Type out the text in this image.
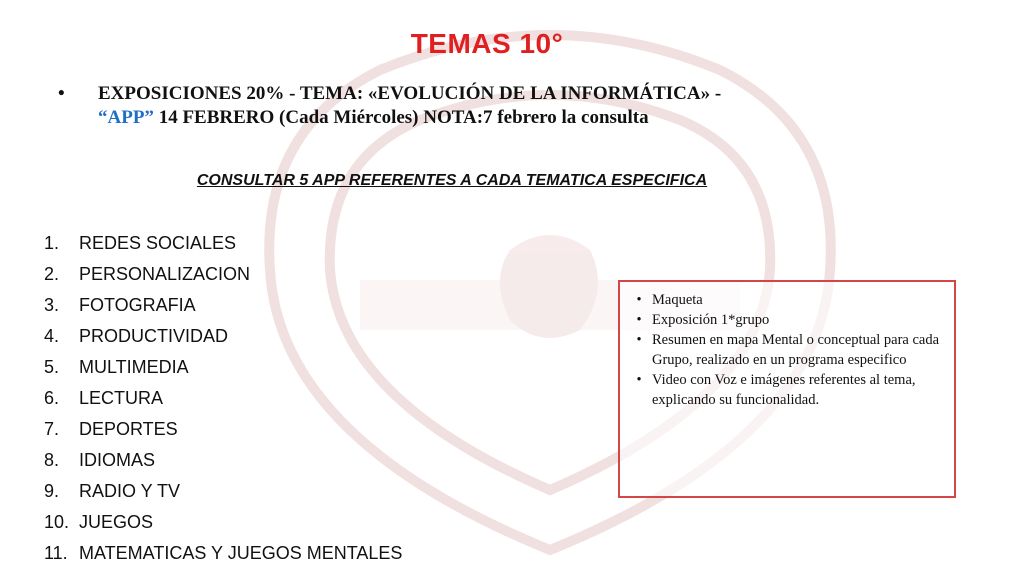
TEMAS 10°
• EXPOSICIONES 20% - TEMA: «EVOLUCIÓN DE LA INFORMÁTICA» -
“APP” 14 FEBRERO (Cada Miércoles) NOTA:7 febrero la consulta
CONSULTAR 5 APP REFERENTES A CADA TEMATICA ESPECIFICA
1.	REDES SOCIALES
2.	PERSONALIZACION
3.	FOTOGRAFIA
4.	PRODUCTIVIDAD
5.	MULTIMEDIA
6.	LECTURA
7.	DEPORTES
8.	IDIOMAS
9.	RADIO Y TV
10. JUEGOS
11. MATEMATICAS Y JUEGOS MENTALES
• Maqueta
• Exposición 1*grupo
• Resumen en mapa Mental o conceptual para cada Grupo, realizado en un programa especifico
• Video con Voz e imágenes referentes al tema, explicando su funcionalidad.
